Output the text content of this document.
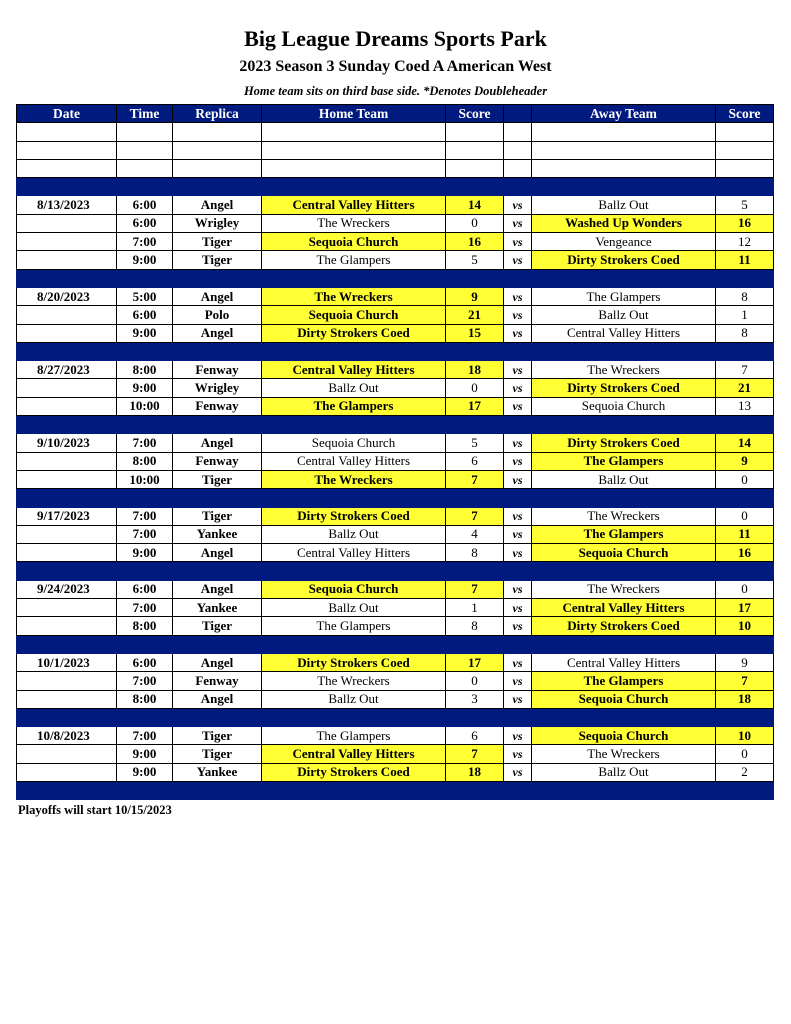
Big League Dreams Sports Park
2023 Season 3 Sunday Coed A American West
Home team sits on third base side. *Denotes Doubleheader
Date	Time	Replica	Home Team	Score		Away Team	Score

8/13/2023	6:00	Angel	Central Valley Hitters	14	vs	Ballz Out	5
	6:00	Wrigley	The Wreckers	0	vs	Washed Up Wonders	16
	7:00	Tiger	Sequoia Church	16	vs	Vengeance	12
	9:00	Tiger	The Glampers	5	vs	Dirty Strokers Coed	11

8/20/2023	5:00	Angel	The Wreckers	9	vs	The Glampers	8
	6:00	Polo	Sequoia Church	21	vs	Ballz Out	1
	9:00	Angel	Dirty Strokers Coed	15	vs	Central Valley Hitters	8

8/27/2023	8:00	Fenway	Central Valley Hitters	18	vs	The Wreckers	7
	9:00	Wrigley	Ballz Out	0	vs	Dirty Strokers Coed	21
	10:00	Fenway	The Glampers	17	vs	Sequoia Church	13

9/10/2023	7:00	Angel	Sequoia Church	5	vs	Dirty Strokers Coed	14
	8:00	Fenway	Central Valley Hitters	6	vs	The Glampers	9
	10:00	Tiger	The Wreckers	7	vs	Ballz Out	0

9/17/2023	7:00	Tiger	Dirty Strokers Coed	7	vs	The Wreckers	0
	7:00	Yankee	Ballz Out	4	vs	The Glampers	11
	9:00	Angel	Central Valley Hitters	8	vs	Sequoia Church	16

9/24/2023	6:00	Angel	Sequoia Church	7	vs	The Wreckers	0
	7:00	Yankee	Ballz Out	1	vs	Central Valley Hitters	17
	8:00	Tiger	The Glampers	8	vs	Dirty Strokers Coed	10

10/1/2023	6:00	Angel	Dirty Strokers Coed	17	vs	Central Valley Hitters	9
	7:00	Fenway	The Wreckers	0	vs	The Glampers	7
	8:00	Angel	Ballz Out	3	vs	Sequoia Church	18

10/8/2023	7:00	Tiger	The Glampers	6	vs	Sequoia Church	10
	9:00	Tiger	Central Valley Hitters	7	vs	The Wreckers	0
	9:00	Yankee	Dirty Strokers Coed	18	vs	Ballz Out	2

Playoffs will start 10/15/2023
